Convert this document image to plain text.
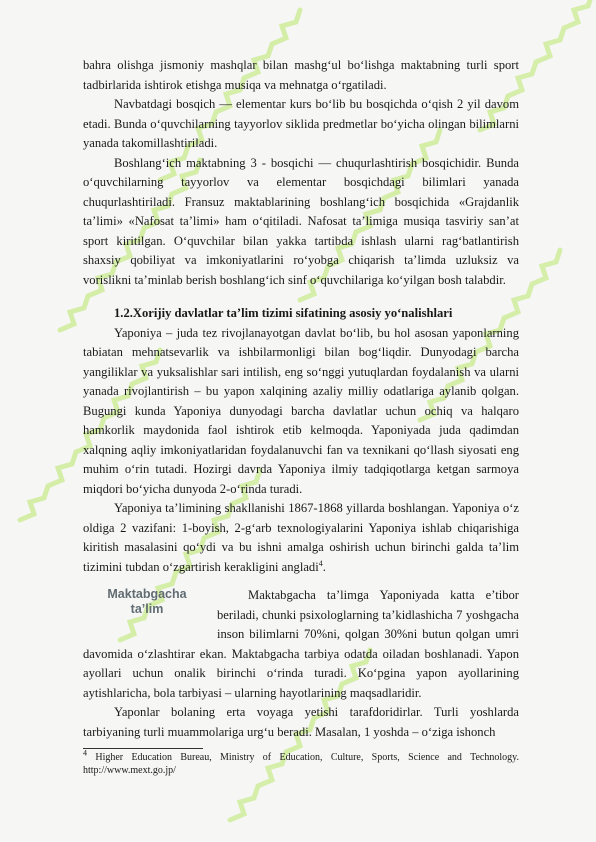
bahra olishga jismoniy mashqlar bilan mashg‘ul bo‘lishga maktabning turli sport tadbirlarida ishtirok etishga musiqa va mehnatga o‘rgatiladi.

Navbatdagi bosqich — elementar kurs bo‘lib bu bosqichda o‘qish 2 yil davom etadi. Bunda o‘quvchilarning tayyorlov siklida predmetlar bo‘yicha olingan bilimlarni yanada takomillashtiriladi.

Boshlang‘ich maktabning 3 - bosqichi — chuqurlashtirish bosqichidir. Bunda o‘quvchilarning tayyorlov va elementar bosqichdagi bilimlari yanada chuqurlashtiriladi. Fransuz maktablarining boshlang‘ich bosqichida «Grajdanlik ta’limi» «Nafosat ta’limi» ham o‘qitiladi. Nafosat ta’limiga musiqa tasviriy san’at sport kiritilgan. O‘quvchilar bilan yakka tartibda ishlash ularni rag‘batlantirish shaxsiy qobiliyat va imkoniyatlarini ro‘yobga chiqarish ta’limda uzluksiz va vorislikni ta’minlab berish boshlang‘ich sinf o‘quvchilariga ko‘yilgan bosh talabdir.

1.2.Xorijiy davlatlar ta’lim tizimi sifatining asosiy yo‘nalishlari

Yaponiya – juda tez rivojlanayotgan davlat bo‘lib, bu hol asosan yaponlarning tabiatan mehnatsevarlik va ishbilarmonligi bilan bog‘liqdir. Dunyodagi barcha yangiliklar va yuksalishlar sari intilish, eng so‘nggi yutuqlardan foydalanish va ularni yanada rivojlantirish – bu yapon xalqining azaliy milliy odatlariga aylanib qolgan. Bugungi kunda Yaponiya dunyodagi barcha davlatlar uchun ochiq va halqaro hamkorlik maydonida faol ishtirok etib kelmoqda. Yaponiyada juda qadimdan xalqning aqliy imkoniyatlaridan foydalanuvchi fan va texnikani qo‘llash siyosati eng muhim o‘rin tutadi. Hozirgi davrda Yaponiya ilmiy tadqiqotlarga ketgan sarmoya miqdori bo‘yicha dunyoda 2-o‘rinda turadi.

Yaponiya ta’limining shakllanishi 1867-1868 yillarda boshlangan. Yaponiya o‘z oldiga 2 vazifani: 1-boyish, 2-g‘arb texnologiyalarini Yaponiya ishlab chiqarishiga kiritish masalasini qo‘ydi va bu ishni amalga oshirish uchun birinchi galda ta’lim tizimini tubdan o‘zgartirish kerakligini angladi$^4$.

Maktabgacha
ta’lim

Maktabgacha ta’limga Yaponiyada katta e’tibor beriladi, chunki psixologlarning ta’kidlashicha 7 yoshgacha inson bilimlarni 70%ni, qolgan 30%ni butun qolgan umri davomida o‘zlashtirar ekan. Maktabgacha tarbiya odatda oiladan boshlanadi. Yapon ayollari uchun onalik birinchi o‘rinda turadi. Ko‘pgina yapon ayollarining aytishlaricha, bola tarbiyasi – ularning hayotlarining maqsadlaridir.

Yaponlar bolaning erta voyaga yetishi tarafdoridirlar. Turli yoshlarda tarbiyaning turli muammolariga urg‘u beradi. Masalan, 1 yoshda – o‘ziga ishonch

$^4$ Higher Education Bureau, Ministry of Education, Culture, Sports, Science and Technology. http://www.mext.go.jp/
